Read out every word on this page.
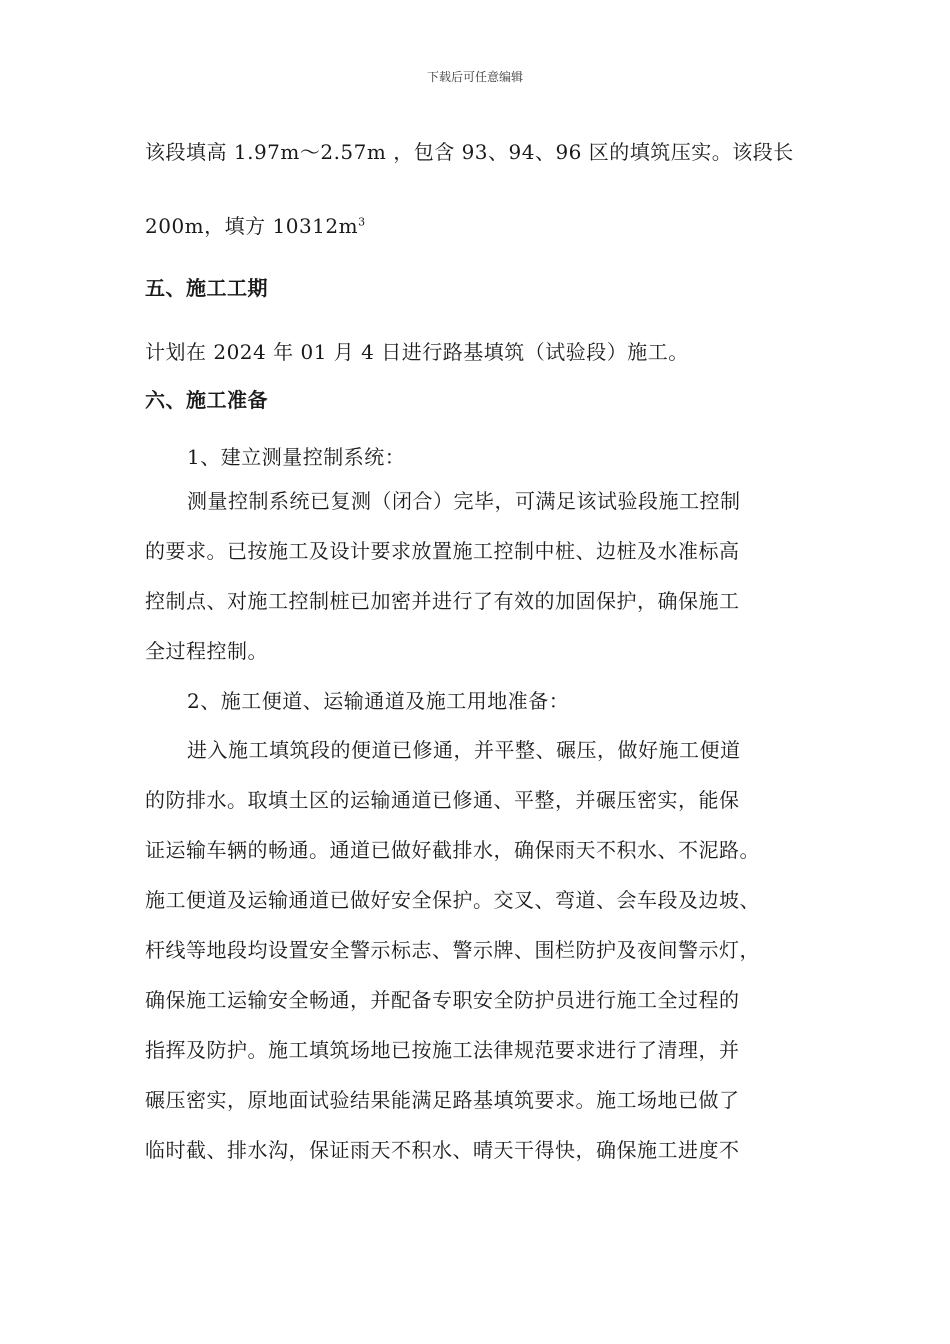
下载后可任意编辑
该段填高 1.97m～2.57m ，包含 93、94、96 区的填筑压实。该段长
200m，填方 $10312m^3$
五、施工工期
计划在 2024 年 01 月 4 日进行路基填筑（试验段）施工。
六、施工准备
1、建立测量控制系统：
测量控制系统已复测（闭合）完毕，可满足该试验段施工控制
的要求。已按施工及设计要求放置施工控制中桩、边桩及水准标高
控制点、对施工控制桩已加密并进行了有效的加固保护，确保施工
全过程控制。
2、施工便道、运输通道及施工用地准备：
进入施工填筑段的便道已修通，并平整、碾压，做好施工便道
的防排水。取填土区的运输通道已修通、平整，并碾压密实，能保
证运输车辆的畅通。通道已做好截排水，确保雨天不积水、不泥路。
施工便道及运输通道已做好安全保护。交叉、弯道、会车段及边坡、
杆线等地段均设置安全警示标志、警示牌、围栏防护及夜间警示灯，
确保施工运输安全畅通，并配备专职安全防护员进行施工全过程的
指挥及防护。施工填筑场地已按施工法律规范要求进行了清理，并
碾压密实，原地面试验结果能满足路基填筑要求。施工场地已做了
临时截、排水沟，保证雨天不积水、晴天干得快，确保施工进度不
